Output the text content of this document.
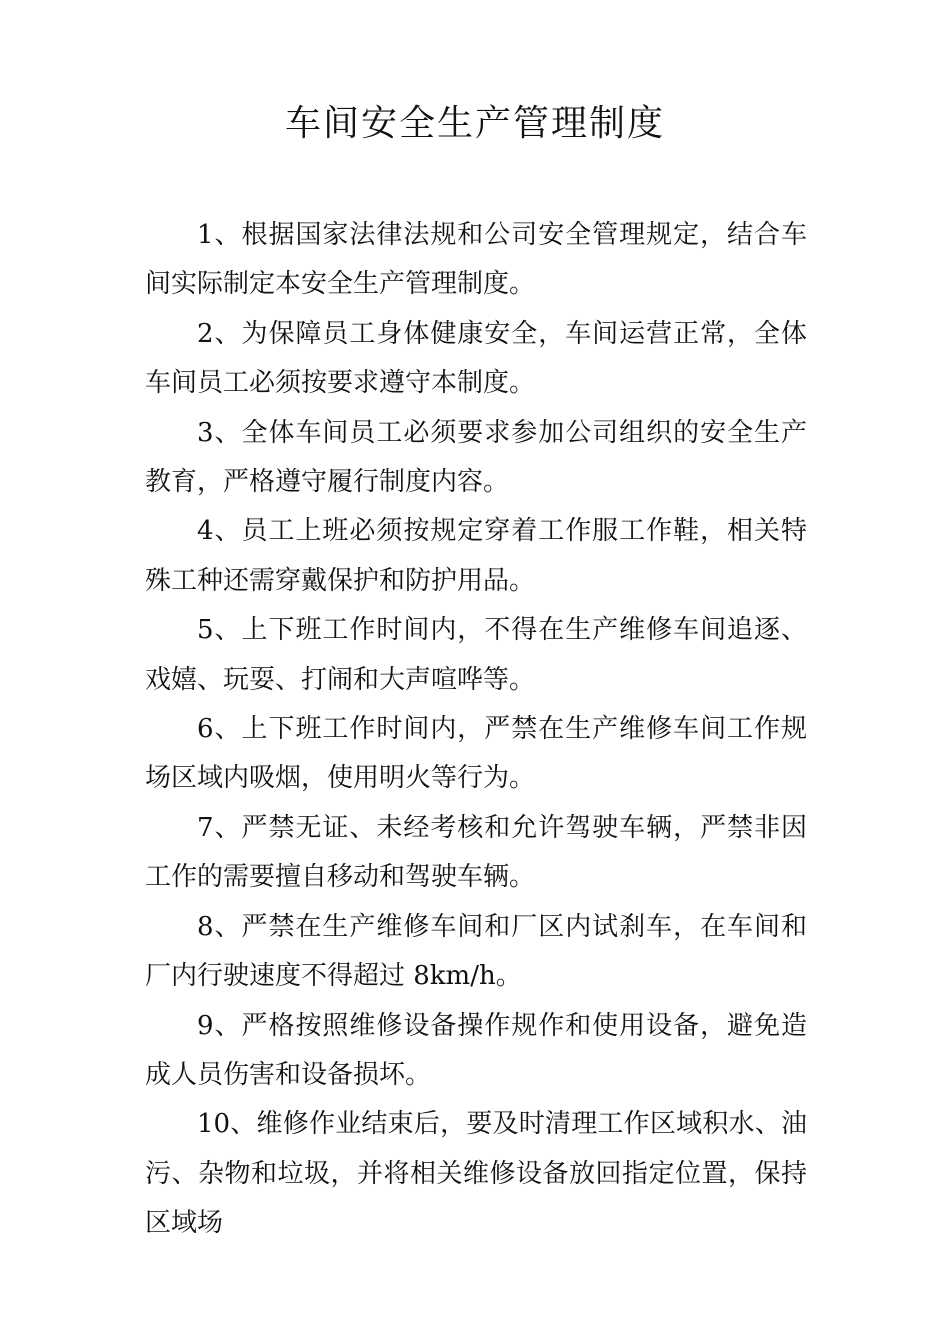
车间安全生产管理制度

1、根据国家法律法规和公司安全管理规定，结合车间实际制定本安全生产管理制度。

2、为保障员工身体健康安全，车间运营正常，全体车间员工必须按要求遵守本制度。

3、全体车间员工必须要求参加公司组织的安全生产教育，严格遵守履行制度内容。

4、员工上班必须按规定穿着工作服工作鞋，相关特殊工种还需穿戴保护和防护用品。

5、上下班工作时间内，不得在生产维修车间追逐、戏嬉、玩耍、打闹和大声喧哗等。

6、上下班工作时间内，严禁在生产维修车间工作规场区域内吸烟，使用明火等行为。

7、严禁无证、未经考核和允许驾驶车辆，严禁非因工作的需要擅自移动和驾驶车辆。

8、严禁在生产维修车间和厂区内试刹车，在车间和厂内行驶速度不得超过 8km/h。

9、严格按照维修设备操作规作和使用设备，避免造成人员伤害和设备损坏。

10、维修作业结束后，要及时清理工作区域积水、油污、杂物和垃圾，并将相关维修设备放回指定位置，保持区域场
